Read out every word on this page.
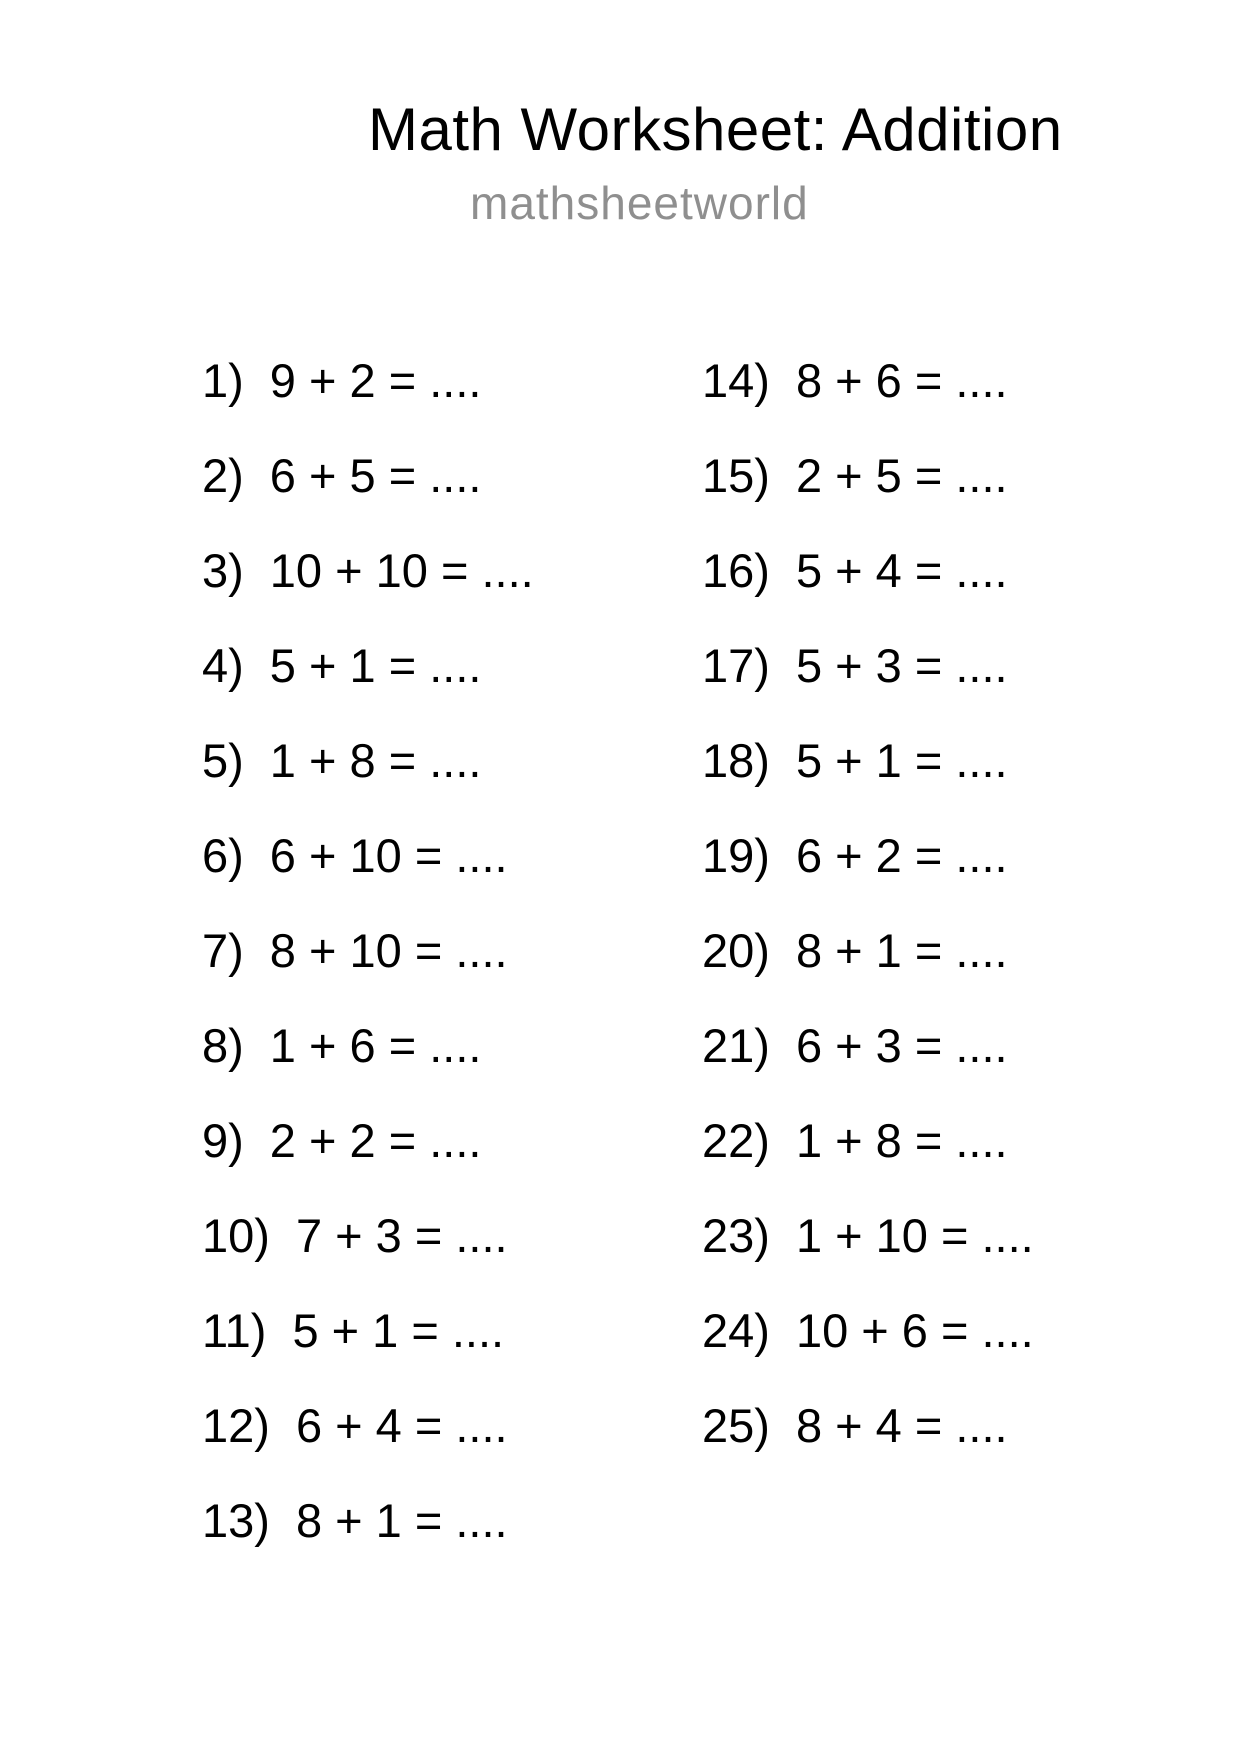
Math Worksheet: Addition
mathsheetworld
1) 9 + 2 = ....
2) 6 + 5 = ....
3) 10 + 10 = ....
4) 5 + 1 = ....
5) 1 + 8 = ....
6) 6 + 10 = ....
7) 8 + 10 = ....
8) 1 + 6 = ....
9) 2 + 2 = ....
10) 7 + 3 = ....
11) 5 + 1 = ....
12) 6 + 4 = ....
13) 8 + 1 = ....
14) 8 + 6 = ....
15) 2 + 5 = ....
16) 5 + 4 = ....
17) 5 + 3 = ....
18) 5 + 1 = ....
19) 6 + 2 = ....
20) 8 + 1 = ....
21) 6 + 3 = ....
22) 1 + 8 = ....
23) 1 + 10 = ....
24) 10 + 6 = ....
25) 8 + 4 = ....
